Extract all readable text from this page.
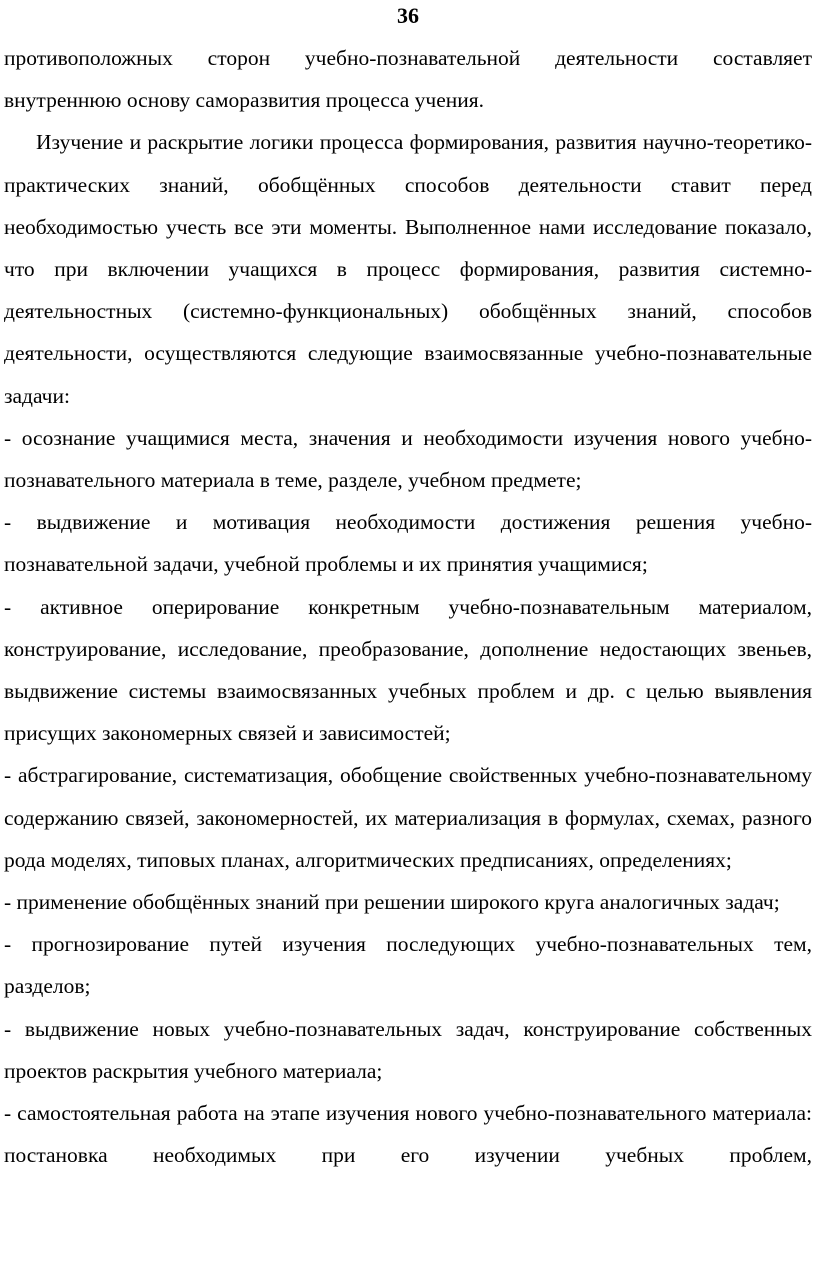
36

противоположных сторон учебно-познавательной деятельности составляет внутреннюю основу саморазвития процесса учения.

Изучение и раскрытие логики процесса формирования, развития научно-теоретико-практических знаний, обобщённых способов деятельности ставит перед необходимостью учесть все эти моменты. Выполненное нами исследование показало, что при включении учащихся в процесс формирования, развития системно-деятельностных (системно-функциональных) обобщённых знаний, способов деятельности, осуществляются следующие взаимосвязанные учебно-познавательные задачи:

- осознание учащимися места, значения и необходимости изучения нового учебно-познавательного материала в теме, разделе, учебном предмете;

- выдвижение и мотивация необходимости достижения решения учебно-познавательной задачи, учебной проблемы и их принятия учащимися;

- активное оперирование конкретным учебно-познавательным материалом, конструирование, исследование, преобразование, дополнение недостающих звеньев, выдвижение системы взаимосвязанных учебных проблем и др. с целью выявления присущих закономерных связей и зависимостей;

- абстрагирование, систематизация, обобщение свойственных учебно-познавательному содержанию связей, закономерностей, их материализация в формулах, схемах, разного рода моделях, типовых планах, алгоритмических предписаниях, определениях;

- применение обобщённых знаний при решении широкого круга аналогичных задач;

- прогнозирование путей изучения последующих учебно-познавательных тем, разделов;

- выдвижение новых учебно-познавательных задач, конструирование собственных проектов раскрытия учебного материала;

- самостоятельная работа на этапе изучения нового учебно-познавательного материала: постановка необходимых при его изучении учебных проблем,
